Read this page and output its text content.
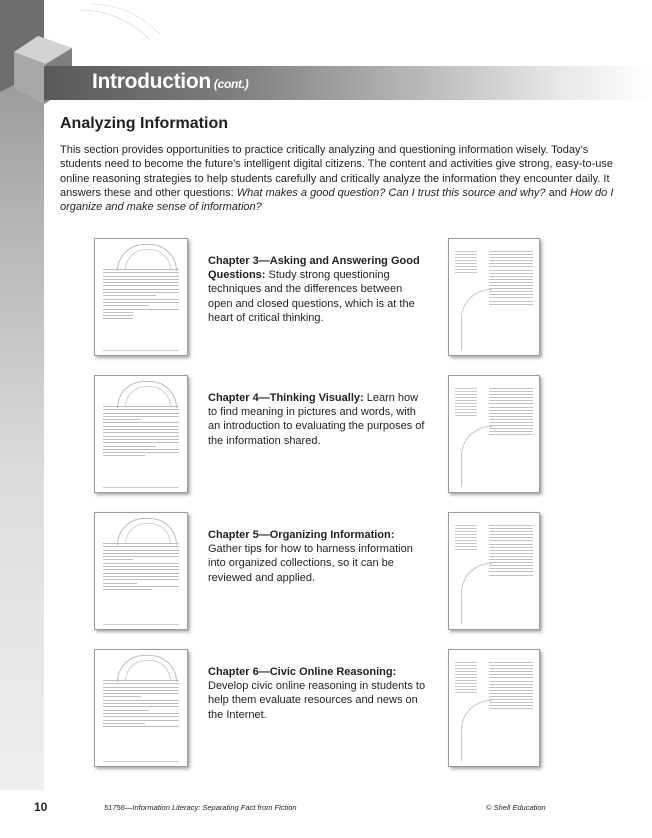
Introduction (cont.)
Analyzing Information

This section provides opportunities to practice critically analyzing and questioning information wisely. Today’s students need to become the future’s intelligent digital citizens. The content and activities give strong, easy-to-use online reasoning strategies to help students carefully and critically analyze the information they encounter daily. It answers these and other questions: What makes a good question? Can I trust this source and why? and How do I organize and make sense of information?

Chapter 3—Asking and Answering Good Questions: Study strong questioning techniques and the differences between open and closed questions, which is at the heart of critical thinking.

Chapter 4—Thinking Visually: Learn how to find meaning in pictures and words, with an introduction to evaluating the purposes of the information shared.

Chapter 5—Organizing Information: Gather tips for how to harness information into organized collections, so it can be reviewed and applied.

Chapter 6—Civic Online Reasoning: Develop civic online reasoning in students to help them evaluate resources and news on the Internet.

10	51756—Information Literacy: Separating Fact from Fiction	© Shell Education
